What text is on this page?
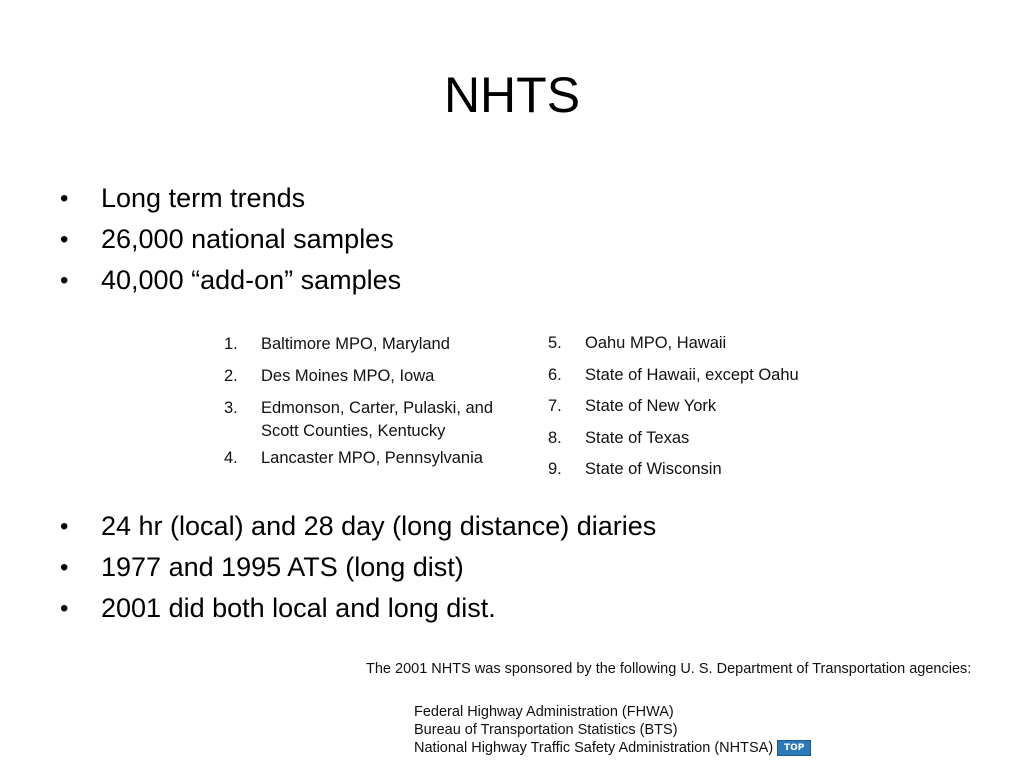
NHTS
• Long term trends
• 26,000 national samples
• 40,000 “add-on” samples
1. Baltimore MPO, Maryland
2. Des Moines MPO, Iowa
3. Edmonson, Carter, Pulaski, and Scott Counties, Kentucky
4. Lancaster MPO, Pennsylvania
5. Oahu MPO, Hawaii
6. State of Hawaii, except Oahu
7. State of New York
8. State of Texas
9. State of Wisconsin
• 24 hr (local) and 28 day (long distance) diaries
• 1977 and 1995 ATS (long dist)
• 2001 did both local and long dist.
The 2001 NHTS was sponsored by the following U. S. Department of Transportation agencies:
Federal Highway Administration (FHWA)
Bureau of Transportation Statistics (BTS)
National Highway Traffic Safety Administration (NHTSA) TOP
